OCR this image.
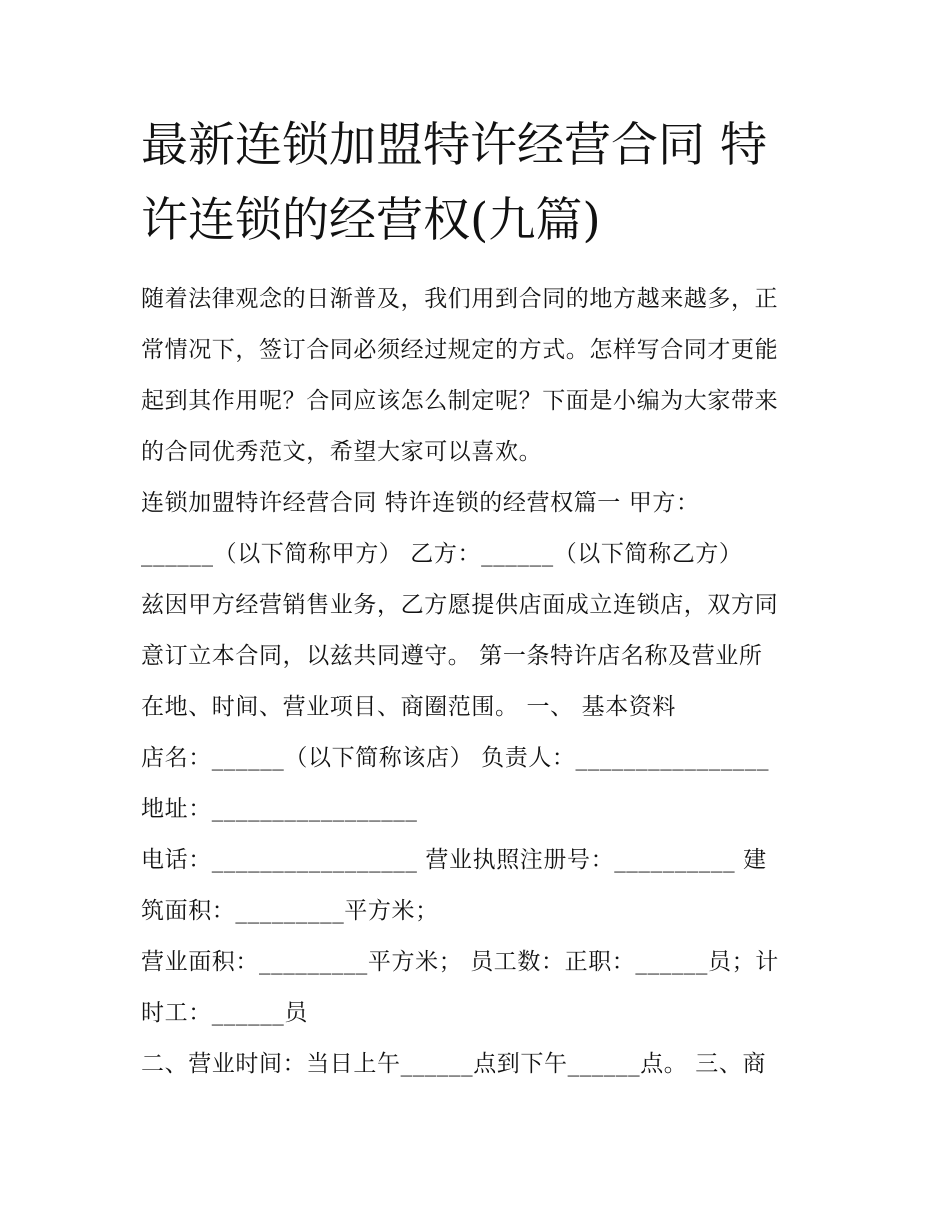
最新连锁加盟特许经营合同 特
许连锁的经营权(九篇)
随着法律观念的日渐普及，我们用到合同的地方越来越多，正
常情况下，签订合同必须经过规定的方式。怎样写合同才更能
起到其作用呢？合同应该怎么制定呢？下面是小编为大家带来
的合同优秀范文，希望大家可以喜欢。
连锁加盟特许经营合同 特许连锁的经营权篇一 甲方：
______（以下简称甲方） 乙方：______（以下简称乙方）
兹因甲方经营销售业务，乙方愿提供店面成立连锁店，双方同
意订立本合同，以兹共同遵守。 第一条特许店名称及营业所
在地、时间、营业项目、商圈范围。 一、 基本资料
店名：______（以下简称该店） 负责人：________________
地址：_________________
电话：_________________ 营业执照注册号：__________ 建
筑面积：_________平方米；
营业面积：_________平方米； 员工数：正职：______员；计
时工：______员
二、营业时间：当日上午______点到下午______点。 三、商
